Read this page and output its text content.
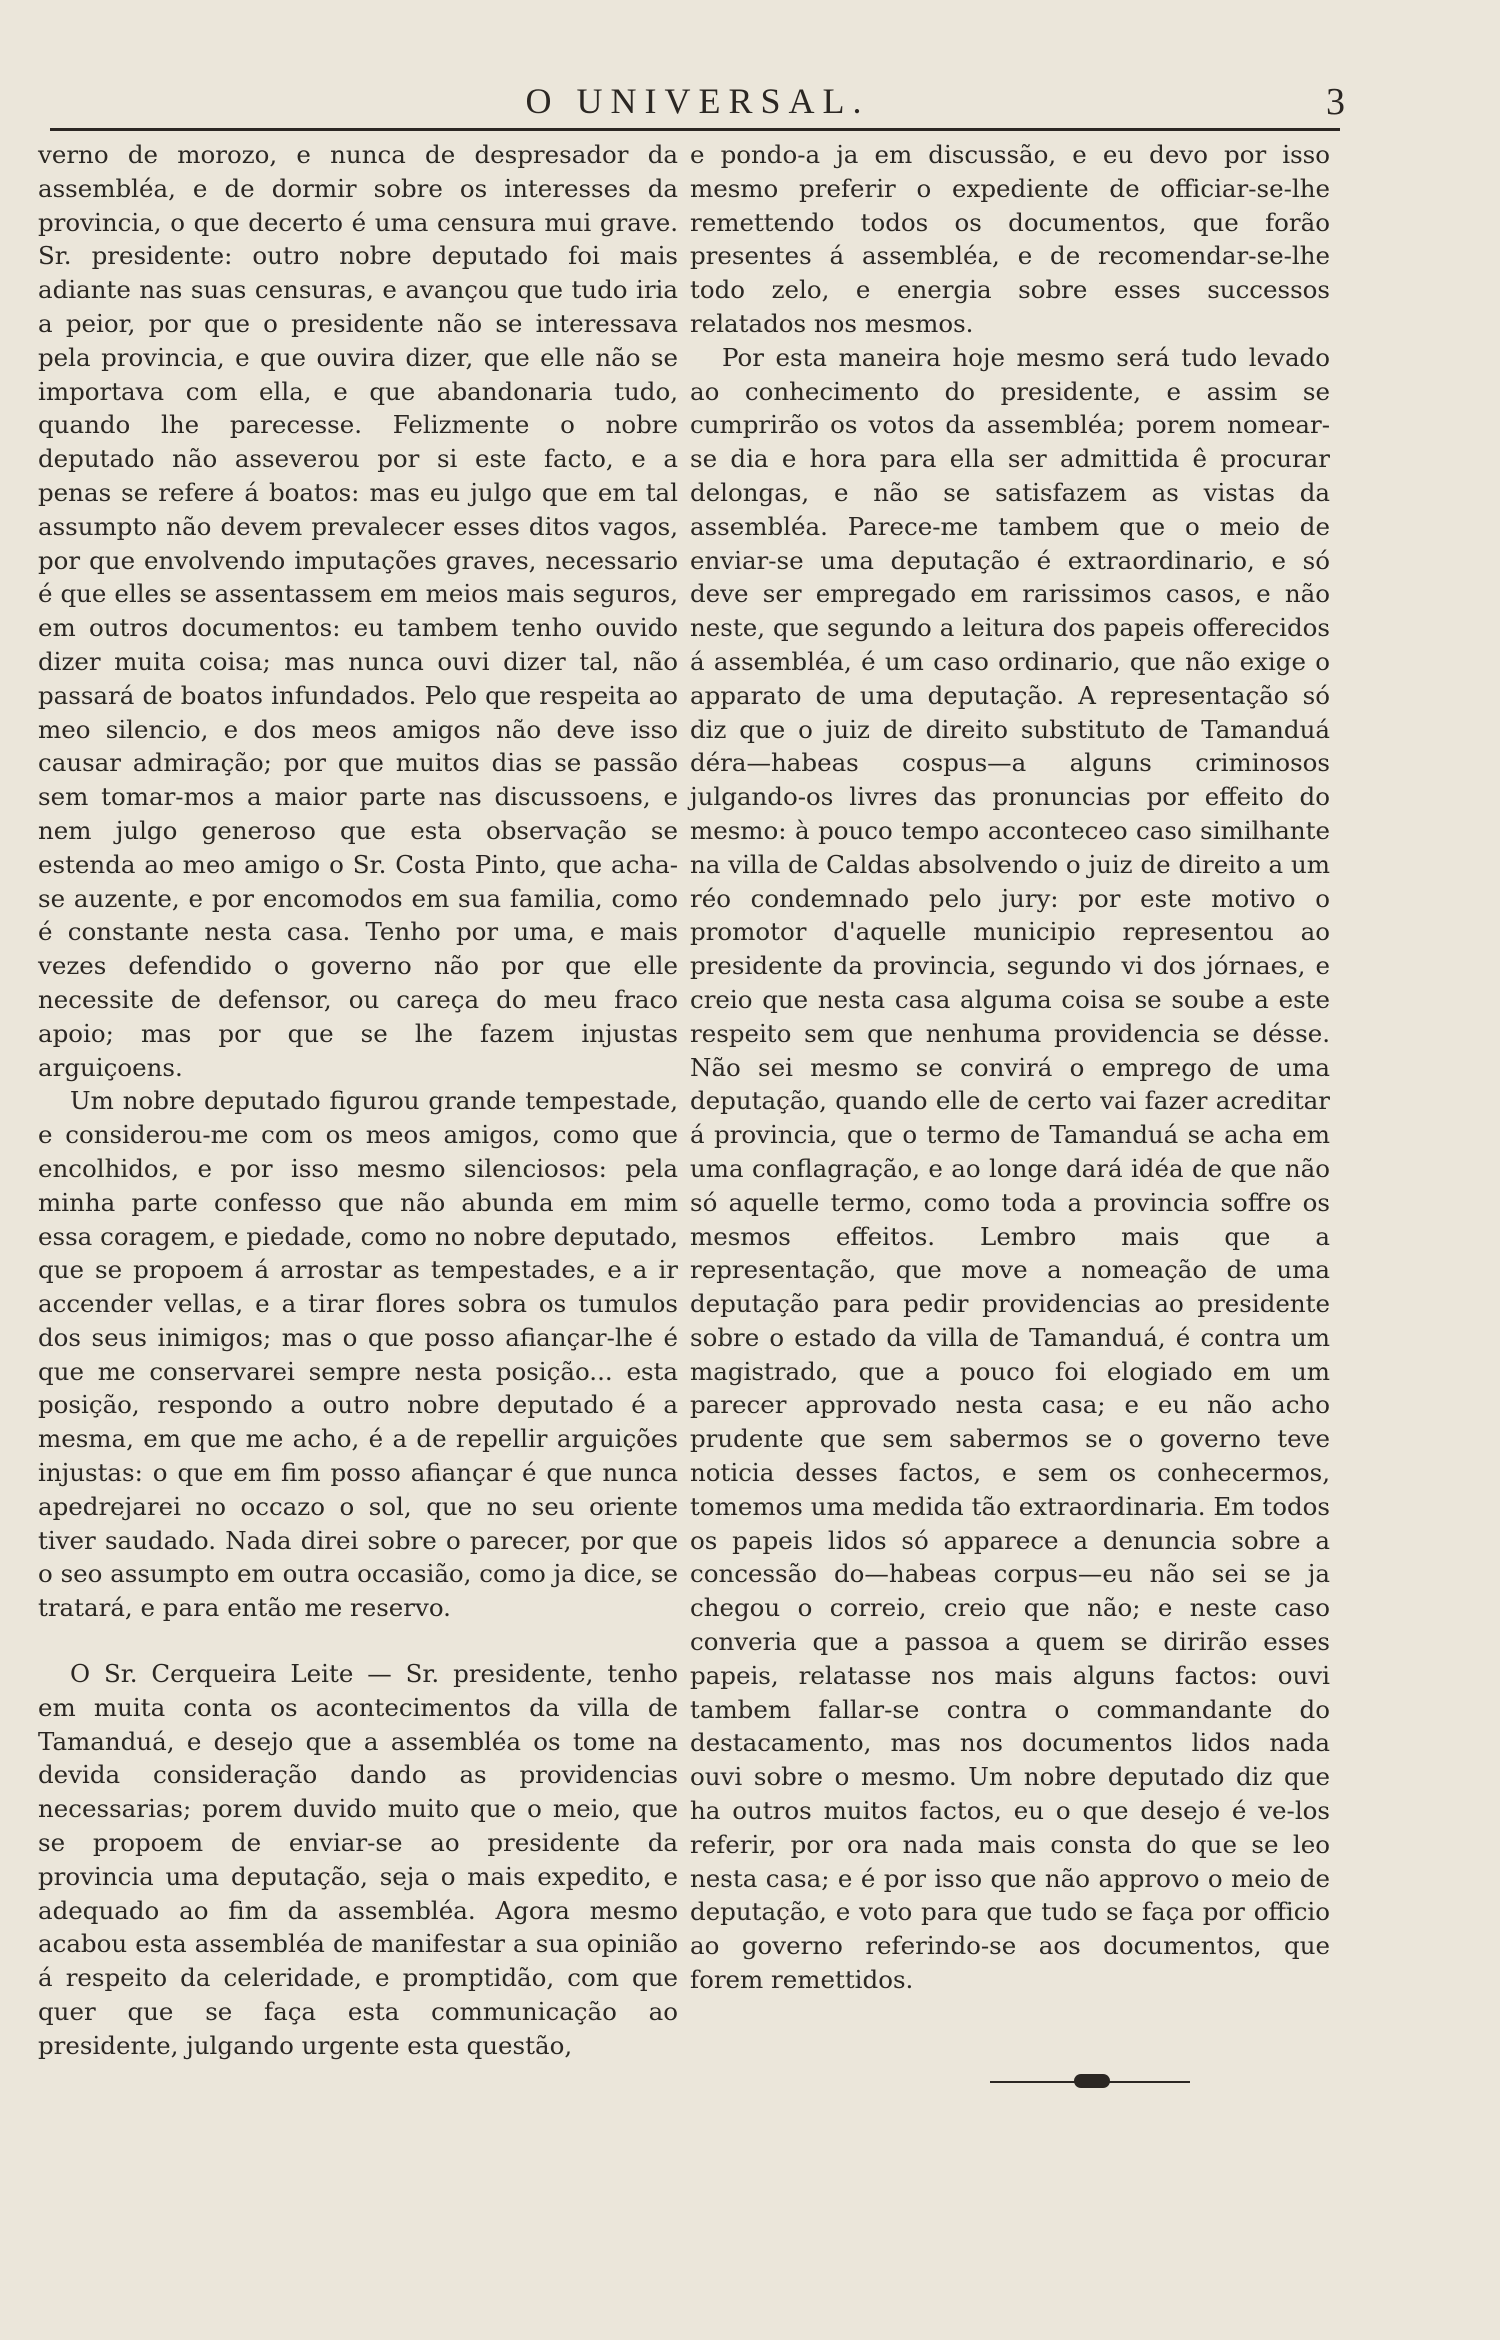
O UNIVERSAL.	3

verno de morozo, e nunca de despresador da assembléa, e de dormir sobre os interesses da provincia, o que decerto é uma censura mui grave. Sr. presidente: outro nobre deputado foi mais adiante nas suas censuras, e avançou que tudo iria a peior, por que o presidente não se interessava pela provincia, e que ouvira dizer, que elle não se importava com ella, e que abandonaria tudo, quando lhe parecesse. Felizmente o nobre deputado não asseverou por si este facto, e a penas se refere á boatos: mas eu julgo que em tal assumpto não devem prevalecer esses ditos vagos, por que envolvendo imputações graves, necessario é que elles se assentassem em meios mais seguros, em outros documentos: eu tambem tenho ouvido dizer muita coisa; mas nunca ouvi dizer tal, não passará de boatos infundados. Pelo que respeita ao meo silencio, e dos meos amigos não deve isso causar admiração; por que muitos dias se passão sem tomar-mos a maior parte nas discussoens, e nem julgo generoso que esta observação se estenda ao meo amigo o Sr. Costa Pinto, que acha-se auzente, e por encomodos em sua familia, como é constante nesta casa. Tenho por uma, e mais vezes defendido o governo não por que elle necessite de defensor, ou careça do meu fraco apoio; mas por que se lhe fazem injustas arguiçoens.

Um nobre deputado figurou grande tempestade, e considerou-me com os meos amigos, como que encolhidos, e por isso mesmo silenciosos: pela minha parte confesso que não abunda em mim essa coragem, e piedade, como no nobre deputado, que se propoem á arrostar as tempestades, e a ir accender vellas, e a tirar flores sobra os tumulos dos seus inimigos; mas o que posso afiançar-lhe é que me conservarei sempre nesta posição... esta posição, respondo a outro nobre deputado é a mesma, em que me acho, é a de repellir arguições injustas: o que em fim posso afiançar é que nunca apedrejarei no occazo o sol, que no seu oriente tiver saudado. Nada direi sobre o parecer, por que o seo assumpto em outra occasião, como ja dice, se tratará, e para então me reservo.

O Sr. Cerqueira Leite — Sr. presidente, tenho em muita conta os acontecimentos da villa de Tamanduá, e desejo que a assembléa os tome na devida consideração dando as providencias necessarias; porem duvido muito que o meio, que se propoem de enviar-se ao presidente da provincia uma deputação, seja o mais expedito, e adequado ao fim da assembléa. Agora mesmo acabou esta assembléa de manifestar a sua opinião á respeito da celeridade, e promptidão, com que quer que se faça esta communicação ao presidente, julgando urgente esta questão,

e pondo-a ja em discussão, e eu devo por isso mesmo preferir o expediente de officiar-se-lhe remettendo todos os documentos, que forão presentes á assembléa, e de recomendar-se-lhe todo zelo, e energia sobre esses successos relatados nos mesmos.

Por esta maneira hoje mesmo será tudo levado ao conhecimento do presidente, e assim se cumprirão os votos da assembléa; porem nomear-se dia e hora para ella ser admittida ê procurar delongas, e não se satisfazem as vistas da assembléa. Parece-me tambem que o meio de enviar-se uma deputação é extraordinario, e só deve ser empregado em rarissimos casos, e não neste, que segundo a leitura dos papeis offerecidos á assembléa, é um caso ordinario, que não exige o apparato de uma deputação. A representação só diz que o juiz de direito substituto de Tamanduá déra—habeas cospus—a alguns criminosos julgando-os livres das pronuncias por effeito do mesmo: à pouco tempo acconteceo caso similhante na villa de Caldas absolvendo o juiz de direito a um réo condemnado pelo jury: por este motivo o promotor d'aquelle municipio representou ao presidente da provincia, segundo vi dos jórnaes, e creio que nesta casa alguma coisa se soube a este respeito sem que nenhuma providencia se désse. Não sei mesmo se convirá o emprego de uma deputação, quando elle de certo vai fazer acreditar á provincia, que o termo de Tamanduá se acha em uma conflagração, e ao longe dará idéa de que não só aquelle termo, como toda a provincia soffre os mesmos effeitos. Lembro mais que a representação, que move a nomeação de uma deputação para pedir providencias ao presidente sobre o estado da villa de Tamanduá, é contra um magistrado, que a pouco foi elogiado em um parecer approvado nesta casa; e eu não acho prudente que sem sabermos se o governo teve noticia desses factos, e sem os conhecermos, tomemos uma medida tão extraordinaria. Em todos os papeis lidos só apparece a denuncia sobre a concessão do—habeas corpus—eu não sei se ja chegou o correio, creio que não; e neste caso converia que a passoa a quem se dirirão esses papeis, relatasse nos mais alguns factos: ouvi tambem fallar-se contra o commandante do destacamento, mas nos documentos lidos nada ouvi sobre o mesmo. Um nobre deputado diz que ha outros muitos factos, eu o que desejo é ve-los referir, por ora nada mais consta do que se leo nesta casa; e é por isso que não approvo o meio de deputação, e voto para que tudo se faça por officio ao governo referindo-se aos documentos, que forem remettidos.
